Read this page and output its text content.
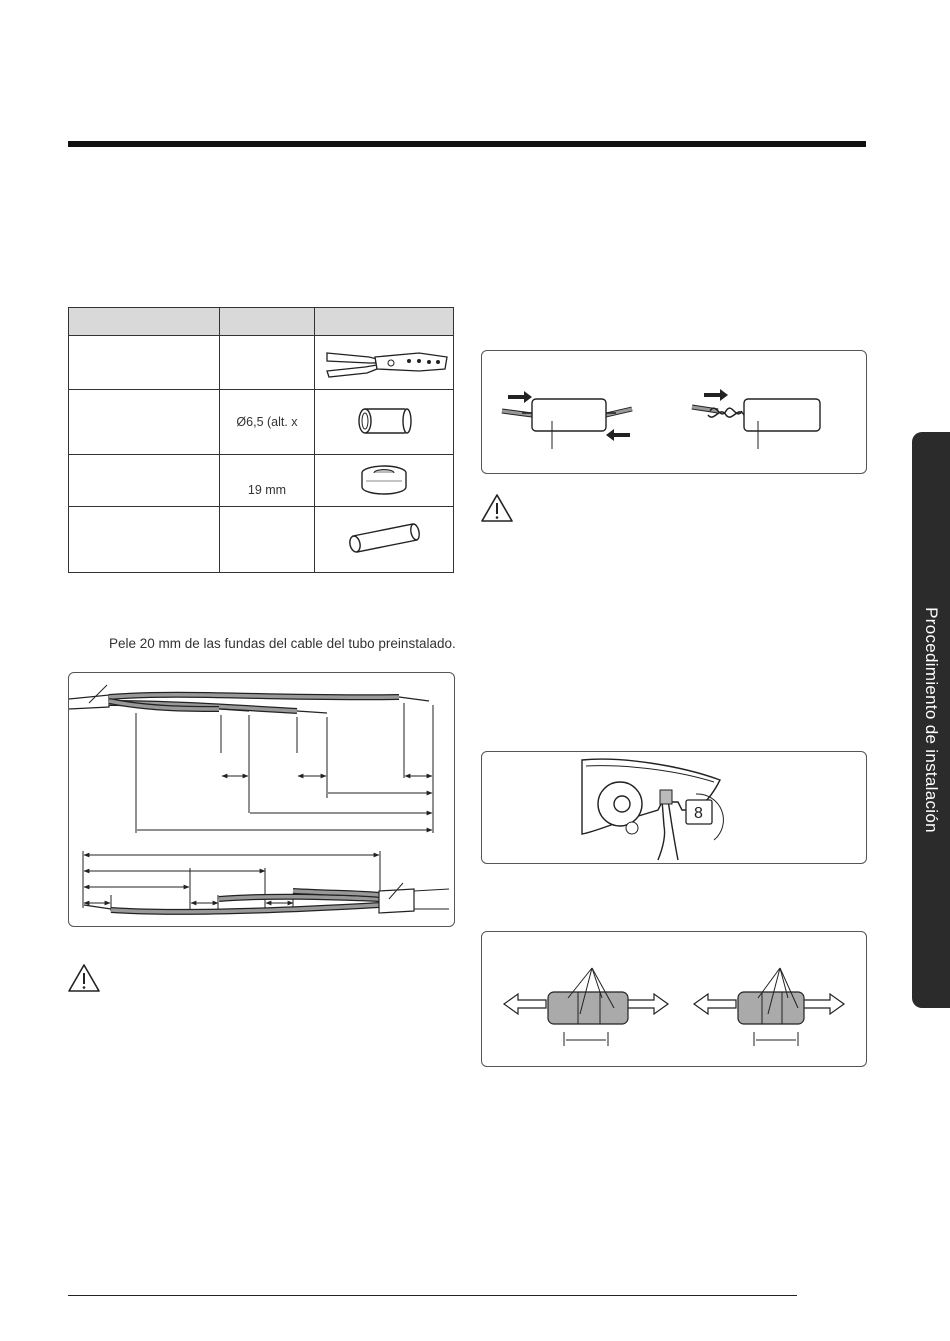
	Ø6,5 (alt. x	
	19 mm	

Pele 20 mm de las fundas del cable del tubo preinstalado.
8	Procedimiento de instalación
